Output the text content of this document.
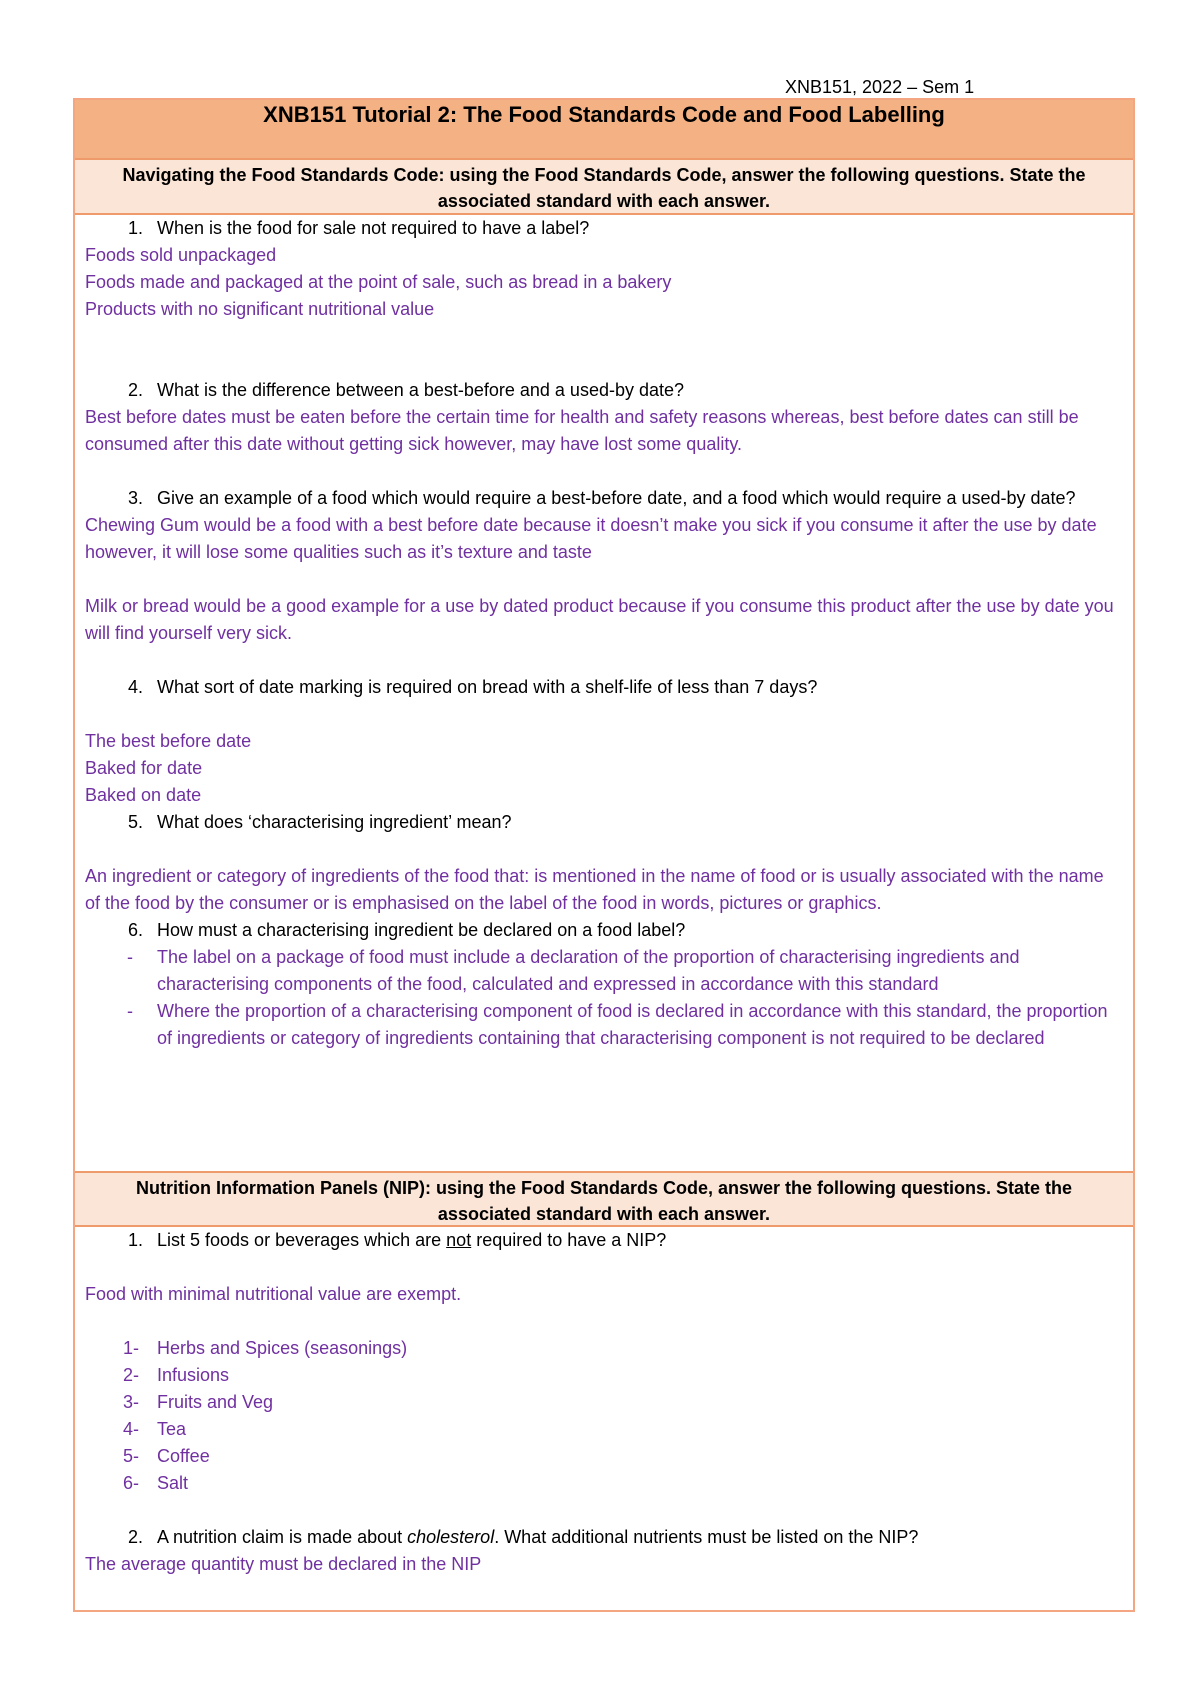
XNB151, 2022 – Sem 1
XNB151 Tutorial 2: The Food Standards Code and Food Labelling
Navigating the Food Standards Code: using the Food Standards Code, answer the following questions. State the
associated standard with each answer.
1. When is the food for sale not required to have a label?
Foods sold unpackaged
Foods made and packaged at the point of sale, such as bread in a bakery
Products with no significant nutritional value
2. What is the difference between a best-before and a used-by date?
Best before dates must be eaten before the certain time for health and safety reasons whereas, best before dates can still be consumed after this date without getting sick however, may have lost some quality.
3. Give an example of a food which would require a best-before date, and a food which would require a used-by date?
Chewing Gum would be a food with a best before date because it doesn’t make you sick if you consume it after the use by date however, it will lose some qualities such as it’s texture and taste
Milk or bread would be a good example for a use by dated product because if you consume this product after the use by date you will find yourself very sick.
4. What sort of date marking is required on bread with a shelf-life of less than 7 days?
The best before date
Baked for date
Baked on date
5. What does ‘characterising ingredient’ mean?
An ingredient or category of ingredients of the food that: is mentioned in the name of food or is usually associated with the name of the food by the consumer or is emphasised on the label of the food in words, pictures or graphics.
6. How must a characterising ingredient be declared on a food label?
-	The label on a package of food must include a declaration of the proportion of characterising ingredients and characterising components of the food, calculated and expressed in accordance with this standard
-	Where the proportion of a characterising component of food is declared in accordance with this standard, the proportion of ingredients or category of ingredients containing that characterising component is not required to be declared
Nutrition Information Panels (NIP): using the Food Standards Code, answer the following questions. State the
associated standard with each answer.
1. List 5 foods or beverages which are not required to have a NIP?
Food with minimal nutritional value are exempt.
1- Herbs and Spices (seasonings)
2- Infusions
3- Fruits and Veg
4- Tea
5- Coffee
6- Salt
2. A nutrition claim is made about cholesterol. What additional nutrients must be listed on the NIP?
The average quantity must be declared in the NIP
